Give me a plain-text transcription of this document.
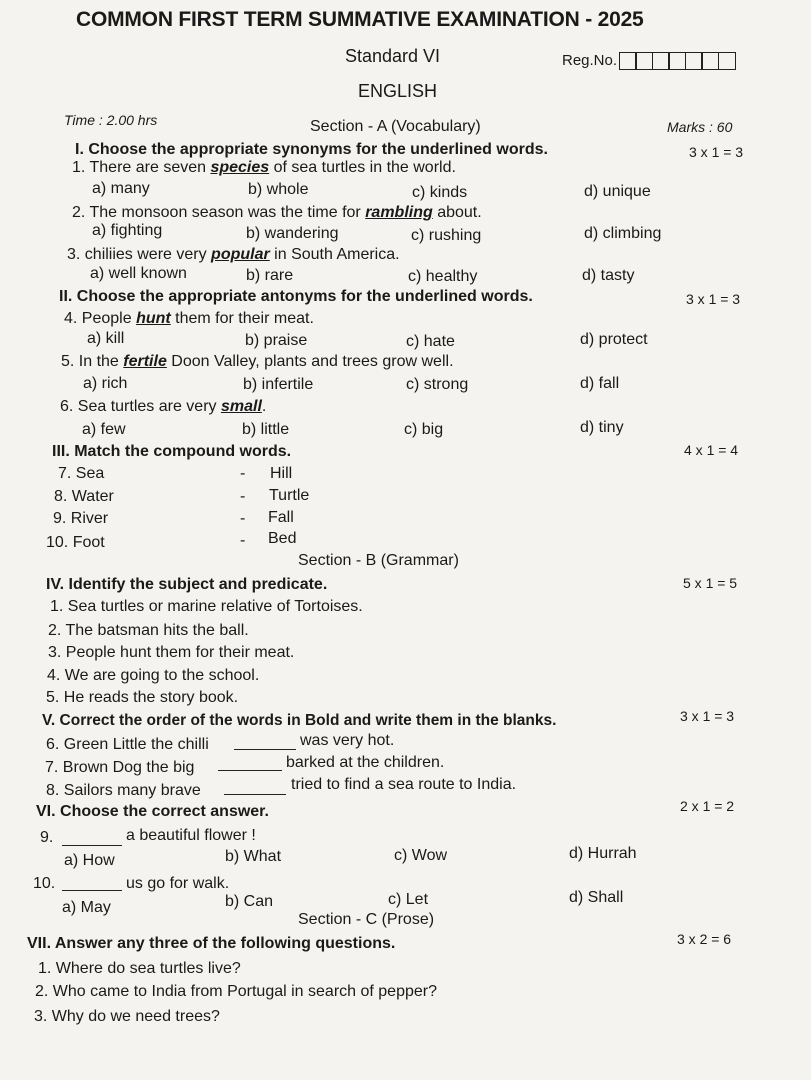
COMMON FIRST TERM SUMMATIVE EXAMINATION - 2025
Standard VI	Reg.No.
ENGLISH
Time : 2.00 hrs	Section - A (Vocabulary)	Marks : 60
I. Choose the appropriate synonyms for the underlined words.	3 x 1 = 3
1. There are seven species of sea turtles in the world.
a) many	b) whole	c) kinds	d) unique
2. The monsoon season was the time for rambling about.
a) fighting	b) wandering	c) rushing	d) climbing
3. chiliies were very popular in South America.
a) well known	b) rare	c) healthy	d) tasty
II. Choose the appropriate antonyms for the underlined words.	3 x 1 = 3
4. People hunt them for their meat.
a) kill	b) praise	c) hate	d) protect
5. In the fertile Doon Valley, plants and trees grow well.
a) rich	b) infertile	c) strong	d) fall
6. Sea turtles are very small.
a) few	b) little	c) big	d) tiny
III. Match the compound words.	4 x 1 = 4
7. Sea	- Hill
8. Water	- Turtle
9. River	- Fall
10. Foot	- Bed
Section - B (Grammar)
IV. Identify the subject and predicate.	5 x 1 = 5
1. Sea turtles or marine relative of Tortoises.
2. The batsman hits the ball.
3. People hunt them for their meat.
4. We are going to the school.
5. He reads the story book.
V. Correct the order of the words in Bold and write them in the blanks.	3 x 1 = 3
6. Green Little the chilli	was very hot.
7. Brown Dog the big	barked at the children.
8. Sailors many brave	tried to find a sea route to India.
VI. Choose the correct answer.	2 x 1 = 2
9.	a beautiful flower !
a) How	b) What	c) Wow	d) Hurrah
10.	us go for walk.
a) May	b) Can	c) Let	d) Shall
Section - C (Prose)
VII. Answer any three of the following questions.	3 x 2 = 6
1. Where do sea turtles live?
2. Who came to India from Portugal in search of pepper?
3. Why do we need trees?
